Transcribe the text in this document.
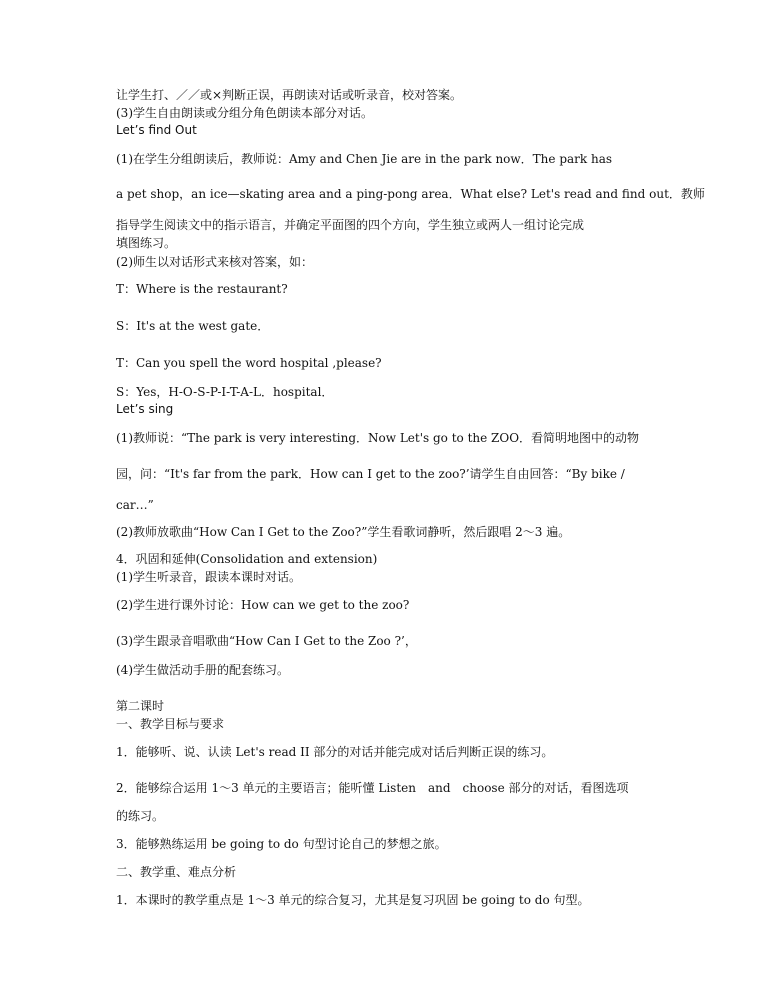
让学生打、／／或×判断正误，再朗读对话或听录音，校对答案。
(3)学生自由朗读或分组分角色朗读本部分对话。
Let’s find Out
(1)在学生分组朗读后，教师说：Amy and Chen Jie are in the park now．The park has
a pet shop，an ice—skating area and a ping-pong area．What else? Let's read and find out．教师
指导学生阅读文中的指示语言，并确定平面图的四个方向，学生独立或两人一组讨论完成
填图练习。
(2)师生以对话形式来核对答案，如：
T：Where is the restaurant?
S：It's at the west gate．
T：Can you spell the word hospital ,please?
S：Yes，H-O-S-P-I-T-A-L．hospital．
Let’s sing
(1)教师说：“The park is very interesting．Now Let's go to the ZOO．看简明地图中的动物
园，问：“It's far from the park．How can I get to the zoo?’请学生自由回答：“By bike /
car…”
(2)教师放歌曲“How Can I Get to the Zoo?”学生看歌词静听，然后跟唱 2～3 遍。
4．巩固和延伸(Consolidation and extension)
(1)学生听录音，跟读本课时对话。
(2)学生进行课外讨论：How can we get to the zoo?
(3)学生跟录音唱歌曲“How Can I Get to the Zoo ?’，
(4)学生做活动手册的配套练习。
第二课时
一、教学目标与要求
1．能够听、说、认读 Let's read II 部分的对话并能完成对话后判断正误的练习。
2．能够综合运用 1～3 单元的主要语言；能听懂 Listen　and　choose 部分的对话，看图选项
的练习。
3．能够熟练运用 be going to do 句型讨论自己的梦想之旅。
二、教学重、难点分析
1．本课时的教学重点是 1～3 单元的综合复习，尤其是复习巩固 be going to do 句型。
